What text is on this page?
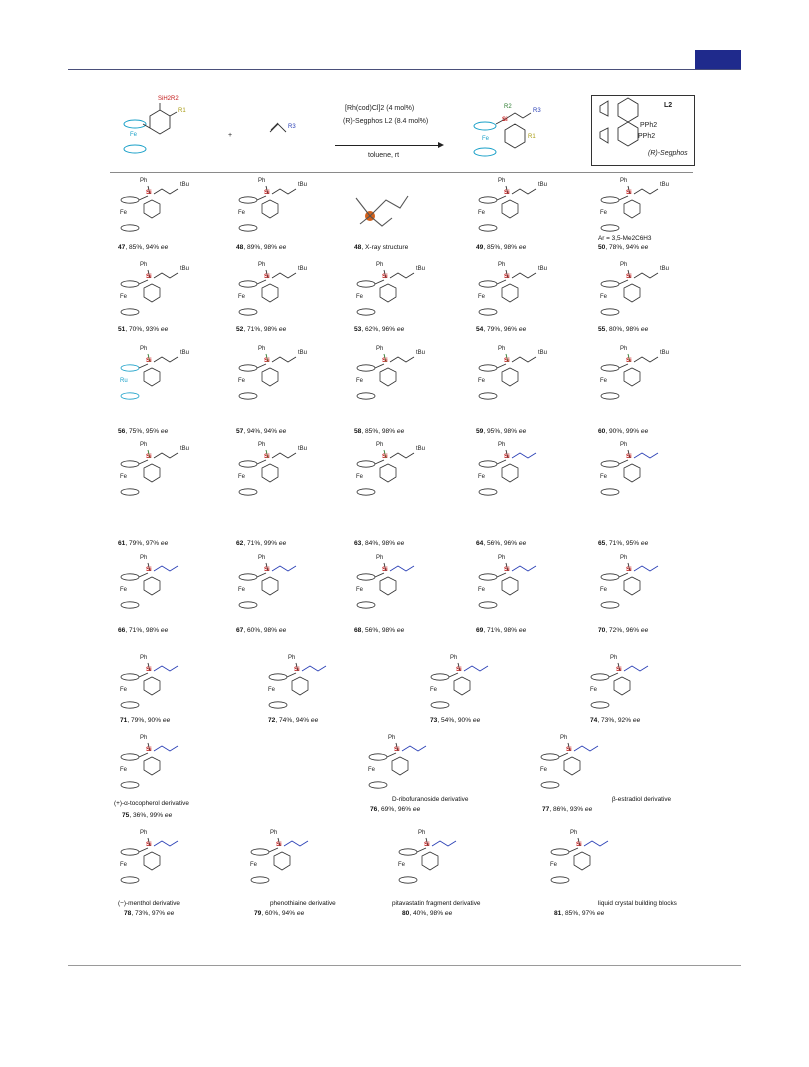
SiH2R2
R1
Fe	+
R3
[Rh(cod)Cl]2 (4 mol%)
(R)-Segphos L2 (8.4 mol%)
toluene, rt
R2
Si
R3
R1
Fe
L2
PPh2
PPh2
(R)-Segphos
Ph
Si
Fe
tBu
47, 85%, 94% ee
Ph
Si
Fe
tBu
48, 89%, 98% ee	48, X-ray structure
Ph
Si
Fe
tBu
49, 85%, 98% ee
Ph
Si
Fe
tBu
50, 78%, 94% ee
Ph
Si
Fe
tBu
51, 70%, 93% ee
Ph
Si
Fe
tBu
52, 71%, 98% ee
Ph
Si
Fe
tBu
53, 62%, 96% ee
Ph
Si
Fe
tBu
54, 79%, 96% ee
Ph
Si
Fe
tBu
55, 80%, 98% ee
Ph
Si
Ru
tBu
56, 75%, 95% ee
Ph
Si
Fe
tBu
57, 94%, 94% ee
Ph
Si
Fe
tBu
58, 85%, 98% ee
Ph
Si
Fe
tBu
59, 95%, 98% ee
Ph
Si
Fe
tBu
60, 90%, 99% ee
Ph
Si
Fe
tBu
61, 79%, 97% ee
Ph
Si
Fe
tBu
62, 71%, 99% ee
Ph
Si
Fe
tBu
63, 84%, 98% ee
Ph
Si
Fe
64, 56%, 96% ee
Ph
Si
Fe
65, 71%, 95% ee
Ph
Si
Fe
66, 71%, 98% ee
Ph
Si
Fe
67, 60%, 98% ee
Ph
Si
Fe
68, 56%, 98% ee
Ph
Si
Fe
69, 71%, 98% ee
Ph
Si
Fe
70, 72%, 96% ee
Ph
Si
Fe
71, 79%, 90% ee
Ph
Si
Fe
72, 74%, 94% ee
Ph
Si
Fe
73, 54%, 90% ee
Ph
Si
Fe
74, 73%, 92% ee
Ph
Si
Fe
75, 36%, 99% ee
Ph
Si
Fe
76, 69%, 96% ee
Ph
Si
Fe
77, 86%, 93% ee
Ph
Si
Fe
78, 73%, 97% ee
Ph
Si
Fe
79, 60%, 94% ee
Ph
Si
Fe
80, 40%, 98% ee
Ph
Si
Fe
81, 85%, 97% ee
Ar = 3,5-Me2C6H3
(+)-α-tocopherol derivative
D-ribofuranoside derivative	β-estradiol derivative
(−)-menthol derivative	phenothiaine derivative	pitavastatin fragment derivative	liquid crystal building blocks
